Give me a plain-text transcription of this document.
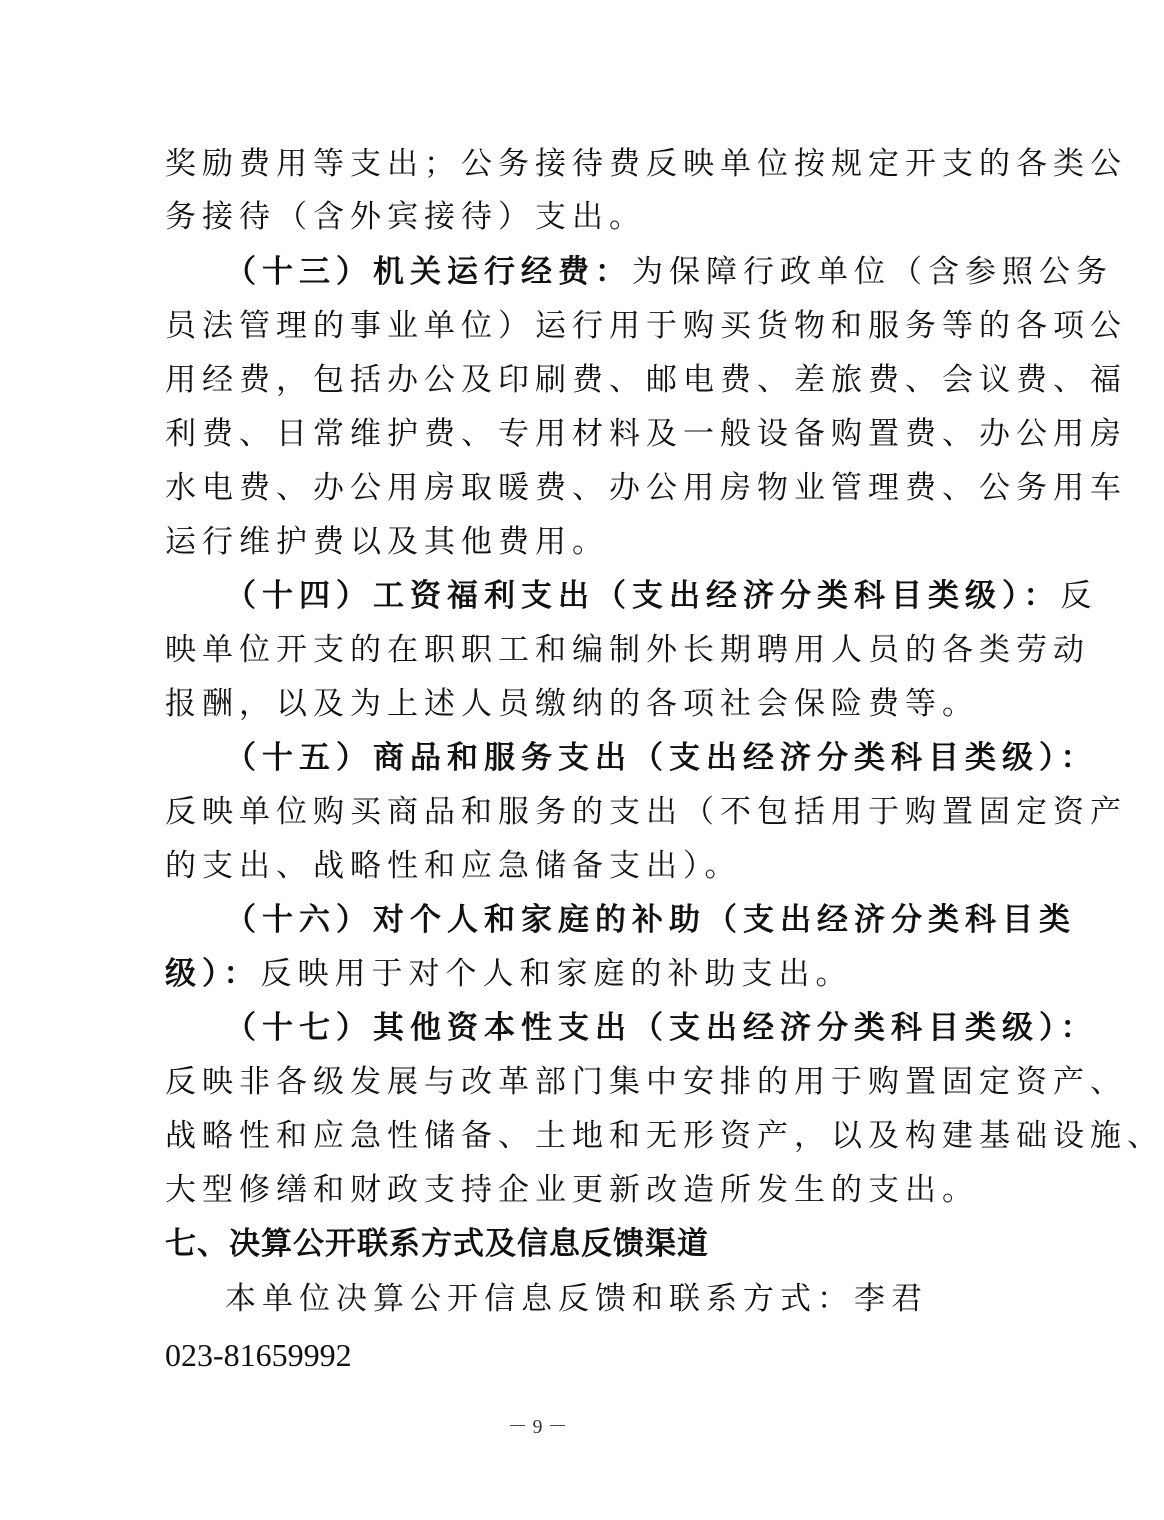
奖励费用等支出；公务接待费反映单位按规定开支的各类公
务接待（含外宾接待）支出。
（十三）机关运行经费：为保障行政单位（含参照公务
员法管理的事业单位）运行用于购买货物和服务等的各项公
用经费，包括办公及印刷费、邮电费、差旅费、会议费、福
利费、日常维护费、专用材料及一般设备购置费、办公用房
水电费、办公用房取暖费、办公用房物业管理费、公务用车
运行维护费以及其他费用。
（十四）工资福利支出（支出经济分类科目类级）：反
映单位开支的在职职工和编制外长期聘用人员的各类劳动
报酬，以及为上述人员缴纳的各项社会保险费等。
（十五）商品和服务支出（支出经济分类科目类级）：
反映单位购买商品和服务的支出（不包括用于购置固定资产
的支出、战略性和应急储备支出）。
（十六）对个人和家庭的补助（支出经济分类科目类
级）：反映用于对个人和家庭的补助支出。
（十七）其他资本性支出（支出经济分类科目类级）：
反映非各级发展与改革部门集中安排的用于购置固定资产、
战略性和应急性储备、土地和无形资产，以及构建基础设施、
大型修缮和财政支持企业更新改造所发生的支出。
七、决算公开联系方式及信息反馈渠道
本单位决算公开信息反馈和联系方式：李君
023-81659992
－ 9 －
